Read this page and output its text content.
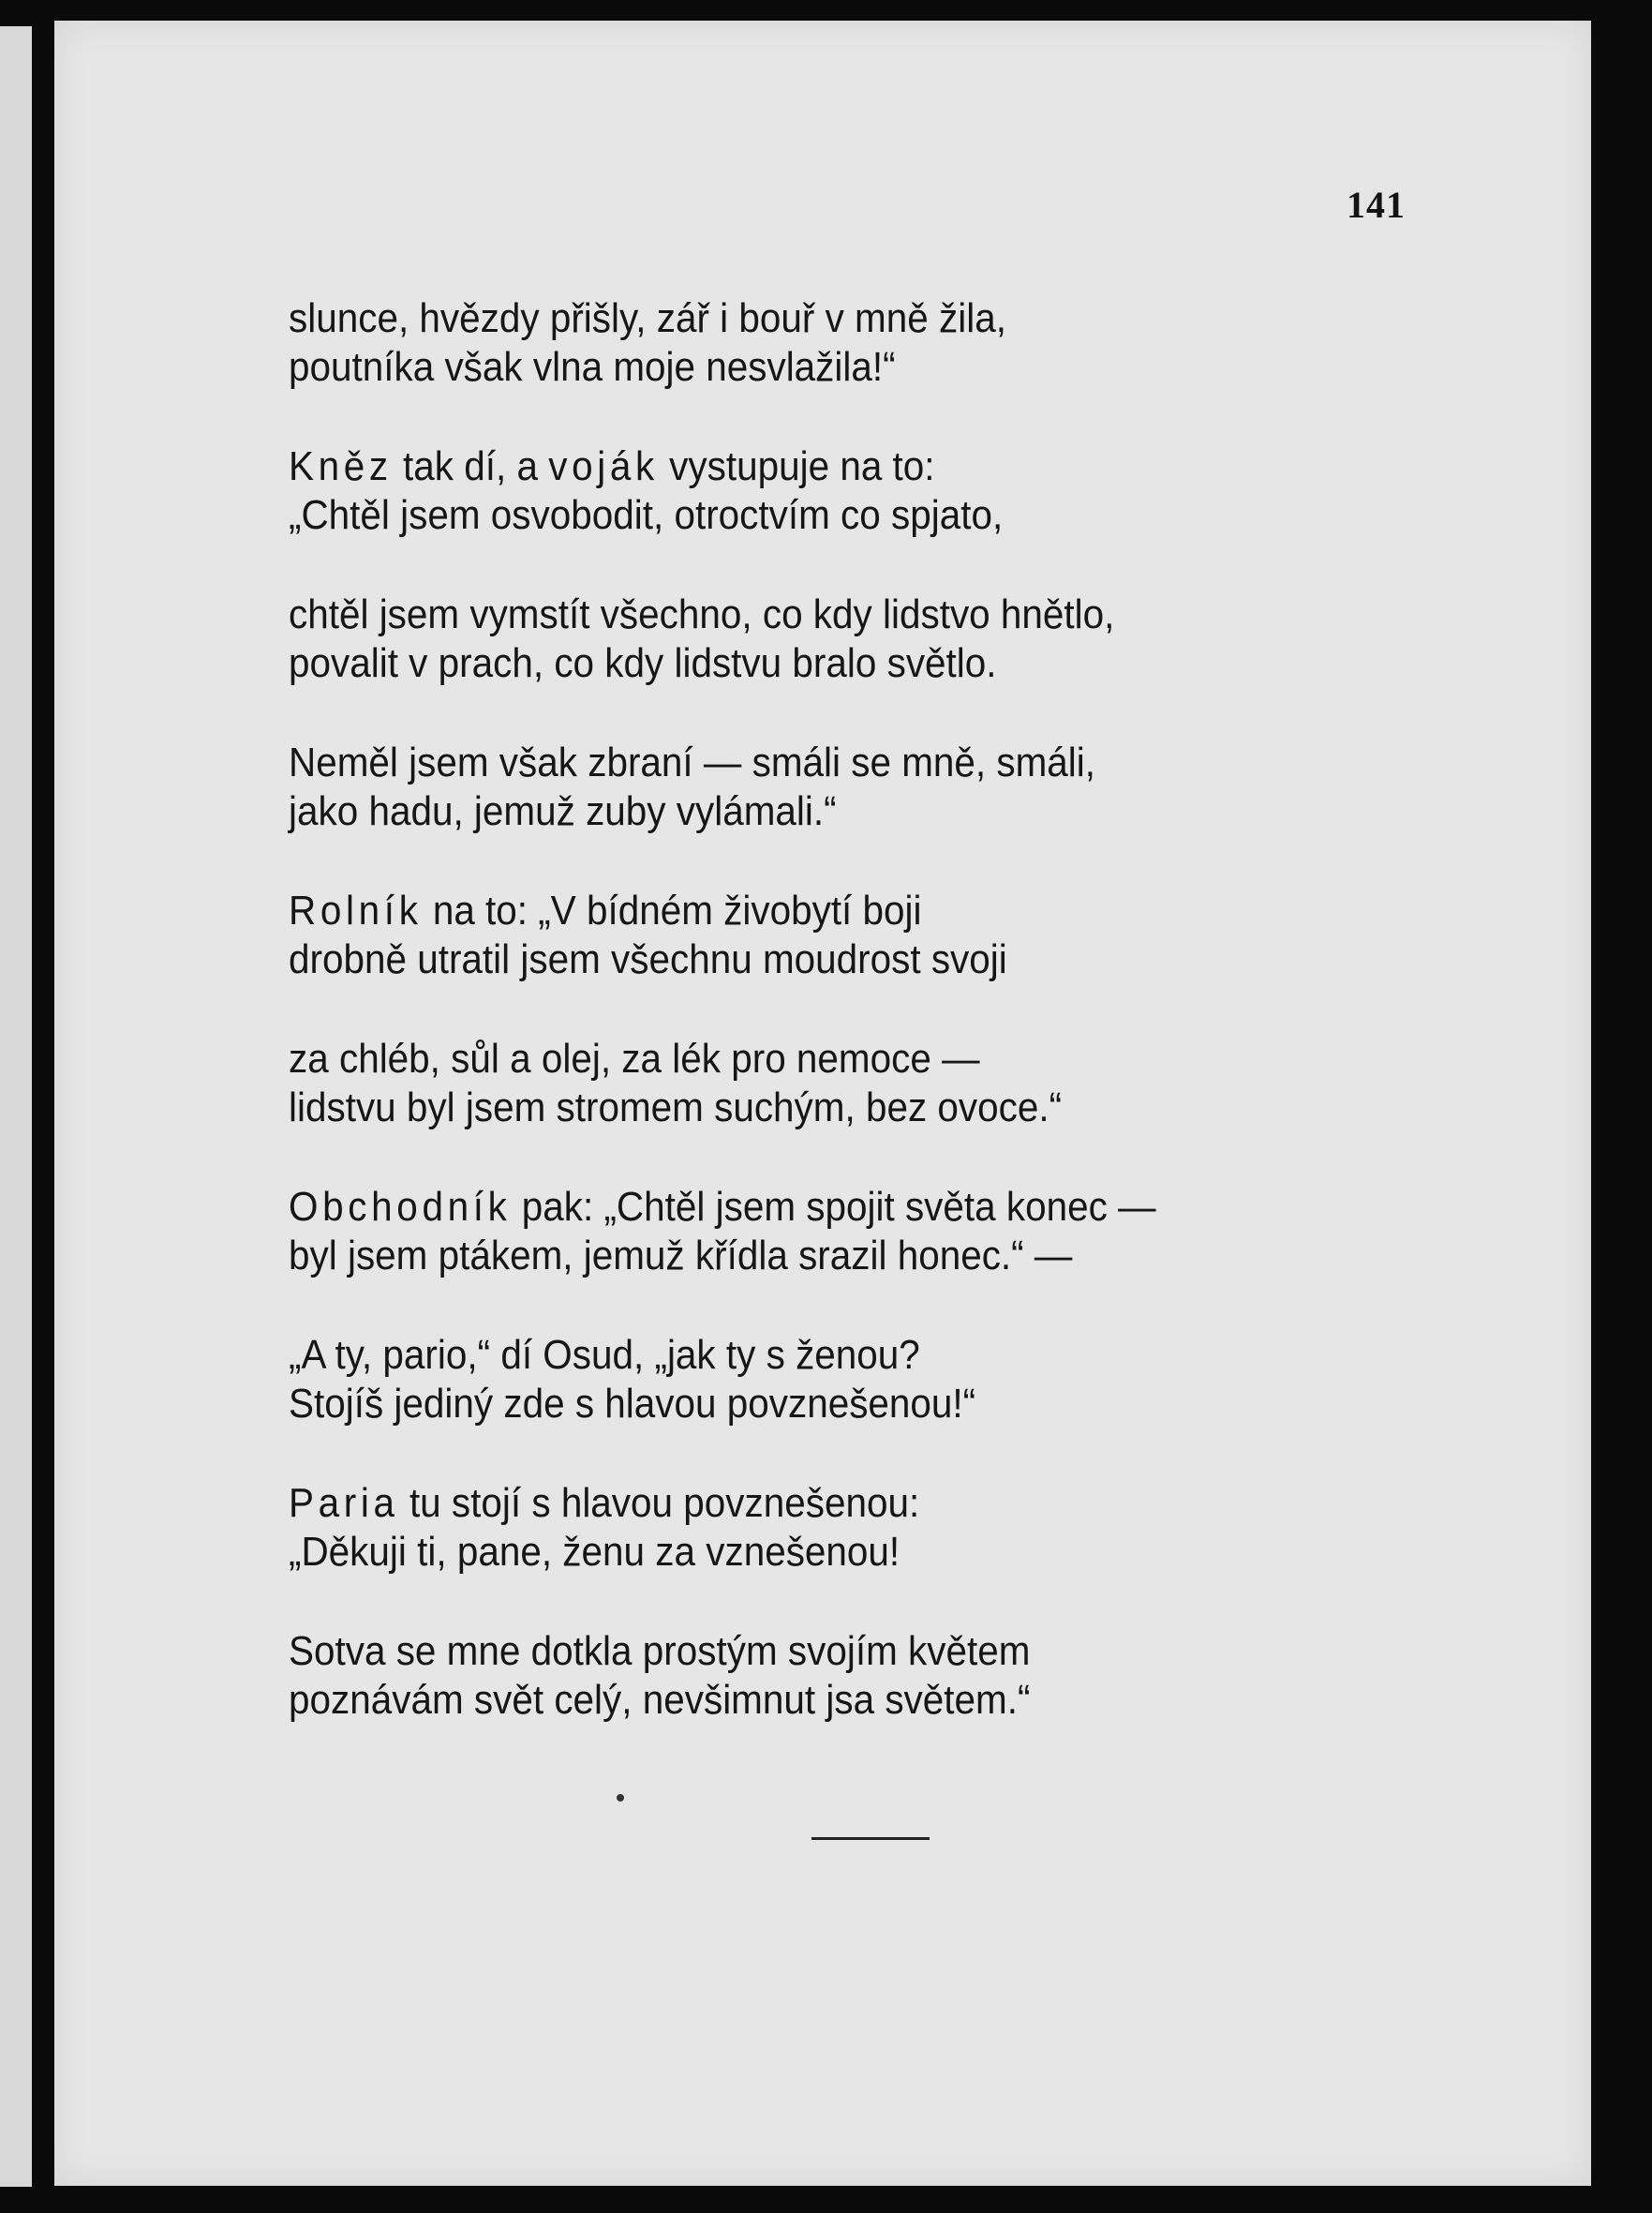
141
slunce, hvězdy přišly, zář i bouř v mně žila,
poutníka však vlna moje nesvlažila!“
Kněz tak dí, a voják vystupuje na to:
„Chtěl jsem osvobodit, otroctvím co spjato,
chtěl jsem vymstít všechno, co kdy lidstvo hnětlo,
povalit v prach, co kdy lidstvu bralo světlo.
Neměl jsem však zbraní — smáli se mně, smáli,
jako hadu, jemuž zuby vylámali.“
Rolník na to: „V bídném živobytí boji
drobně utratil jsem všechnu moudrost svoji
za chléb, sůl a olej, za lék pro nemoce —
lidstvu byl jsem stromem suchým, bez ovoce.“
Obchodník pak: „Chtěl jsem spojit světa konec —
byl jsem ptákem, jemuž křídla srazil honec.“ —
„A ty, pario,“ dí Osud, „jak ty s ženou?
Stojíš jediný zde s hlavou povznešenou!“
Paria tu stojí s hlavou povznešenou:
„Děkuji ti, pane, ženu za vznešenou!
Sotva se mne dotkla prostým svojím květem
poznávám svět celý, nevšimnut jsa světem.“
